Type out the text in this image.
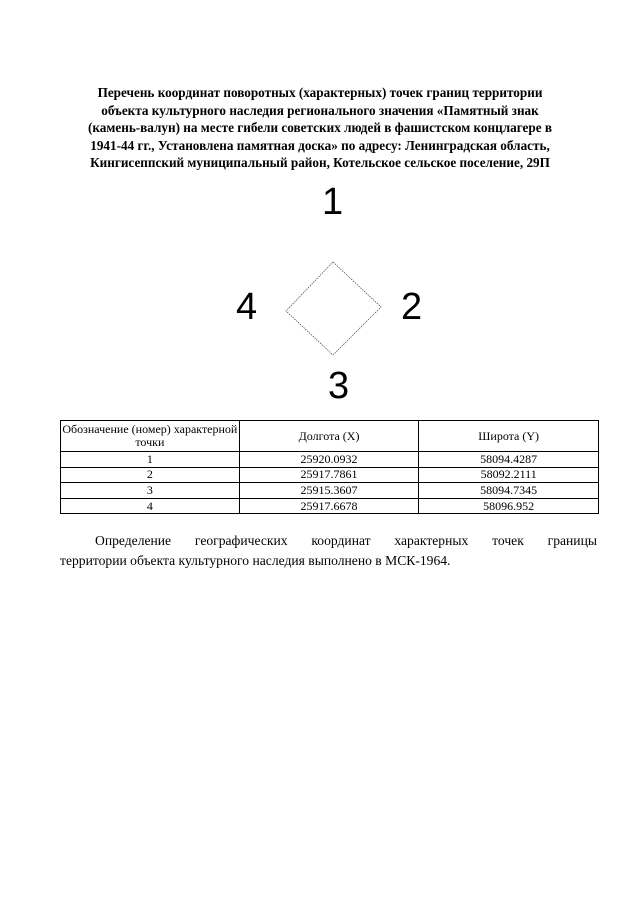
Перечень координат поворотных (характерных) точек границ территории
объекта культурного наследия регионального значения «Памятный знак
(камень-валун) на месте гибели советских людей в фашистском концлагере в
1941-44 гг., Установлена памятная доска» по адресу: Ленинградская область,
Кингисеппский муниципальный район, Котельское сельское поселение, 29П
1
2
3
4
Обозначение (номер) характерной точки	Долгота (X)	Широта (Y)
1	25920.0932	58094.4287
2	25917.7861	58092.2111
3	25915.3607	58094.7345
4	25917.6678	58096.952
Определение географических координат характерных точек границы
территории объекта культурного наследия выполнено в МСК-1964.
